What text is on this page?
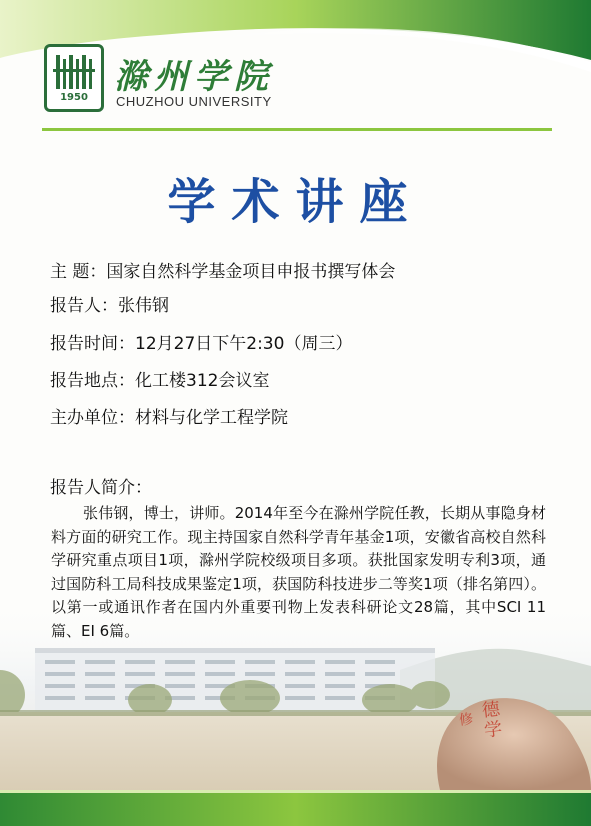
1950
滁州学院
CHUZHOU UNIVERSITY
学术讲座
主 题：国家自然科学基金项目申报书撰写体会
报告人：张伟钢
报告时间：12月27日下午2:30（周三）
报告地点：化工楼312会议室
主办单位：材料与化学工程学院
德学
修
报告人简介：
张伟钢，博士，讲师。2014年至今在滁州学院任教，长期从事隐身材料方面的研究工作。现主持国家自然科学青年基金1项，安徽省高校自然科学研究重点项目1项，滁州学院校级项目多项。获批国家发明专利3项，通过国防科工局科技成果鉴定1项，获国防科技进步二等奖1项（排名第四）。以第一或通讯作者在国内外重要刊物上发表科研论文28篇，其中SCI 11篇、EI 6篇。
